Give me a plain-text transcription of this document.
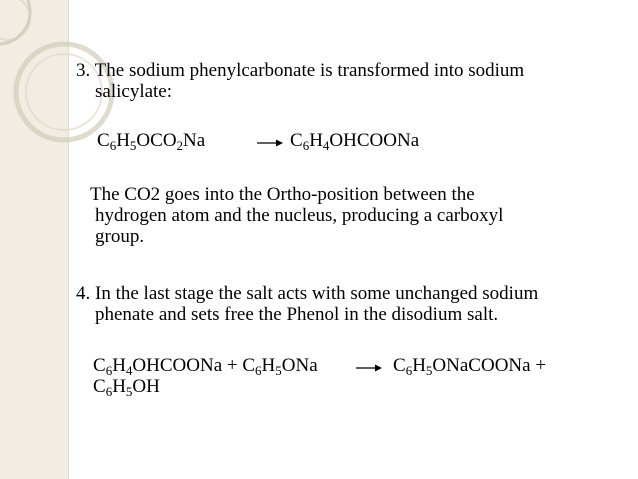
3. The sodium phenylcarbonate is transformed into sodium
salicylate:
$C_6H_5OCO_2Na$	→ $C_6H_4OHCOONa$
The CO2 goes into the Ortho-position between the
hydrogen atom and the nucleus, producing a carboxyl
group.
4. In the last stage the salt acts with some unchanged sodium
phenate and sets free the Phenol in the disodium salt.
$C_6H_4OHCOONa + C_6H_5ONa$ → $C_6H_5ONaCOONa$ +
$C_6H_5OH$
